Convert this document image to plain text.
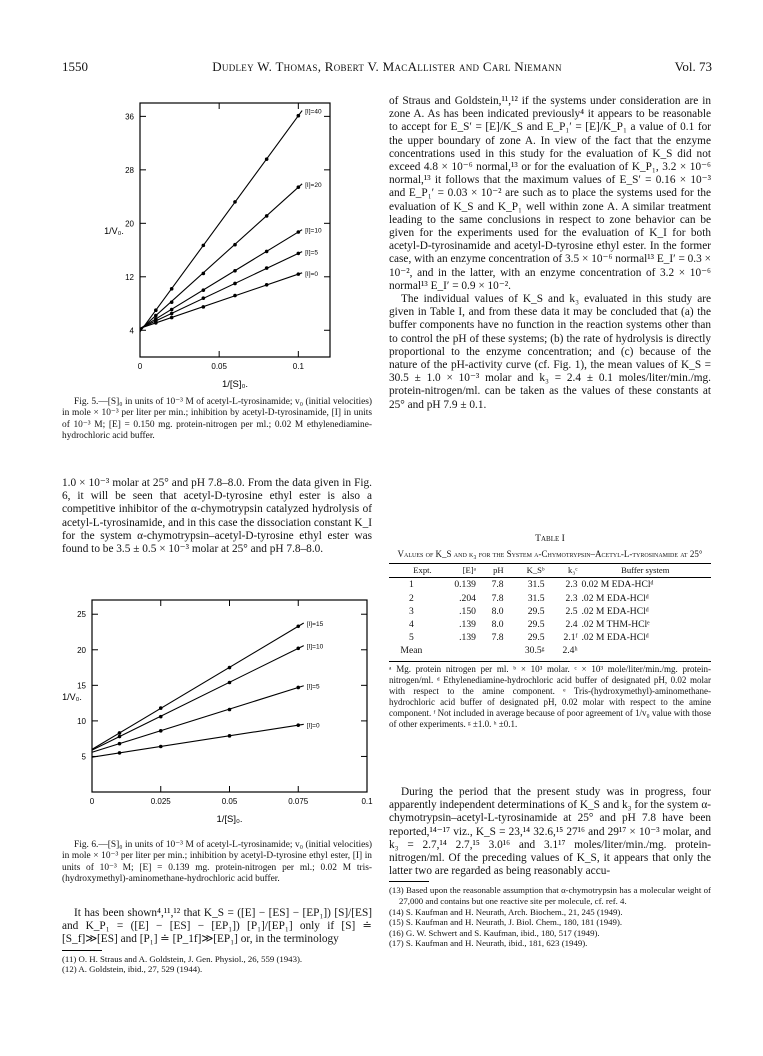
1550	Dudley W. Thomas, Robert V. MacAllister and Carl Niemann	Vol. 73
0	0.05	0.1
4
12
20
28
36
1/[S]₀.
1/V₀.
[I]=40
[I]=20
[I]=10
[I]=5
[I]=0

Fig. 5.—[S]₀ in units of 10⁻³ M of acetyl-L-tyrosinamide; v₀ (initial velocities) in mole × 10⁻³ per liter per min.; inhibition by acetyl-D-tyrosinamide, [I] in units of 10⁻³ M; [E] = 0.150 mg. protein-nitrogen per ml.; 0.02 M ethylenediamine-hydrochloric acid buffer.

1.0 × 10⁻³ molar at 25° and pH 7.8–8.0. From the data given in Fig. 6, it will be seen that acetyl-D-tyrosine ethyl ester is also a competitive inhibitor of the α-chymotrypsin catalyzed hydrolysis of acetyl-L-tyrosinamide, and in this case the dissociation constant K_I for the system α-chymotrypsin–acetyl-D-tyrosine ethyl ester was found to be 3.5 ± 0.5 × 10⁻³ molar at 25° and pH 7.8–8.0.

0	0.025	0.05	0.075	0.1
5
10
15
20
25
1/[S]₀.
1/V₀.
[I]=15
[I]=10
[I]=5
[I]=0

Fig. 6.—[S]₀ in units of 10⁻³ M of acetyl-L-tyrosinamide; v₀ (initial velocities) in mole × 10⁻³ per liter per min.; inhibition by acetyl-D-tyrosine ethyl ester, [I] in units of 10⁻³ M; [E] = 0.139 mg. protein-nitrogen per ml.; 0.02 M tris-(hydroxymethyl)-aminomethane-hydrochloric acid buffer.

It has been shown⁴,¹¹,¹² that K_S = ([E] − [ES] − [EP₁]) [S]/[ES] and K_P₁ = ([E] − [ES] − [EP₁]) [P₁]/[EP₁] only if [S] ≐ [S_f]≫[ES] and [P₁] ≐ [P_1f]≫[EP₁] or, in the terminology

(11) O. H. Straus and A. Goldstein, J. Gen. Physiol., 26, 559 (1943).
(12) A. Goldstein, ibid., 27, 529 (1944).

of Straus and Goldstein,¹¹,¹² if the systems under consideration are in zone A. As has been indicated previously⁴ it appears to be reasonable to accept for E_S′ = [E]/K_S and E_P₁′ = [E]/K_P₁ a value of 0.1 for the upper boundary of zone A. In view of the fact that the enzyme concentrations used in this study for the evaluation of K_S did not exceed 4.8 × 10⁻⁶ normal,¹³ or for the evaluation of K_P₁, 3.2 × 10⁻⁶ normal,¹³ it follows that the maximum values of E_S′ = 0.16 × 10⁻³ and E_P₁′ = 0.03 × 10⁻² are such as to place the systems used for the evaluation of K_S and K_P₁ well within zone A. A similar treatment leading to the same conclusions in respect to zone behavior can be given for the experiments used for the evaluation of K_I for both acetyl-D-tyrosinamide and acetyl-D-tyrosine ethyl ester. In the former case, with an enzyme concentration of 3.5 × 10⁻⁶ normal¹³ E_I′ = 0.3 × 10⁻², and in the latter, with an enzyme concentration of 3.2 × 10⁻⁶ normal¹³ E_I′ = 0.9 × 10⁻².

The individual values of K_S and k₃ evaluated in this study are given in Table I, and from these data it may be concluded that (a) the buffer components have no function in the reaction systems other than to control the pH of these systems; (b) the rate of hydrolysis is directly proportional to the enzyme concentration; and (c) because of the nature of the pH-activity curve (cf. Fig. 1), the mean values of K_S = 30.5 ± 1.0 × 10⁻³ molar and k₃ = 2.4 ± 0.1 moles/liter/min./mg. protein-nitrogen/ml. can be taken as the values of these constants at 25° and pH 7.9 ± 0.1.

Table I
Values of K_S and k₃ for the System α-Chymotrypsin–Acetyl-L-tyrosinamide at 25°
Expt.	[E]ᵃ	pH	K_Sᵇ	k₃ᶜ	Buffer system
1	0.139	7.8	31.5	2.3	0.02 M EDA-HClᵈ
2	.204	7.8	31.5	2.3	.02 M EDA-HClᵈ
3	.150	8.0	29.5	2.5	.02 M EDA-HClᵈ
4	.139	8.0	29.5	2.4	.02 M THM-HClᵉ
5	.139	7.8	29.5	2.1ᶠ	.02 M EDA-HClᵈ
Mean			30.5ᵍ	2.4ʰ	
ᵃ Mg. protein nitrogen per ml. ᵇ × 10³ molar. ᶜ × 10³ mole/liter/min./mg. protein-nitrogen/ml. ᵈ Ethylenediamine-hydrochloric acid buffer of designated pH, 0.02 molar with respect to the amine component. ᵉ Tris-(hydroxymethyl)-aminomethane-hydrochloric acid buffer of designated pH, 0.02 molar with respect to the amine component. ᶠ Not included in average because of poor agreement of 1/v₀ value with those of other experiments. ᵍ ±1.0. ʰ ±0.1.

During the period that the present study was in progress, four apparently independent determinations of K_S and k₃ for the system α-chymotrypsin–acetyl-L-tyrosinamide at 25° and pH 7.8 have been reported,¹⁴⁻¹⁷ viz., K_S = 23,¹⁴ 32.6,¹⁵ 27¹⁶ and 29¹⁷ × 10⁻³ molar, and k₃ = 2.7,¹⁴ 2.7,¹⁵ 3.0¹⁶ and 3.1¹⁷ moles/liter/min./mg. protein-nitrogen/ml. Of the preceding values of K_S, it appears that only the latter two are regarded as being reasonably accu-

(13) Based upon the reasonable assumption that α-chymotrypsin has a molecular weight of 27,000 and contains but one reactive site per molecule, cf. ref. 4.
(14) S. Kaufman and H. Neurath, Arch. Biochem., 21, 245 (1949).
(15) S. Kaufman and H. Neurath, J. Biol. Chem., 180, 181 (1949).
(16) G. W. Schwert and S. Kaufman, ibid., 180, 517 (1949).
(17) S. Kaufman and H. Neurath, ibid., 181, 623 (1949).
